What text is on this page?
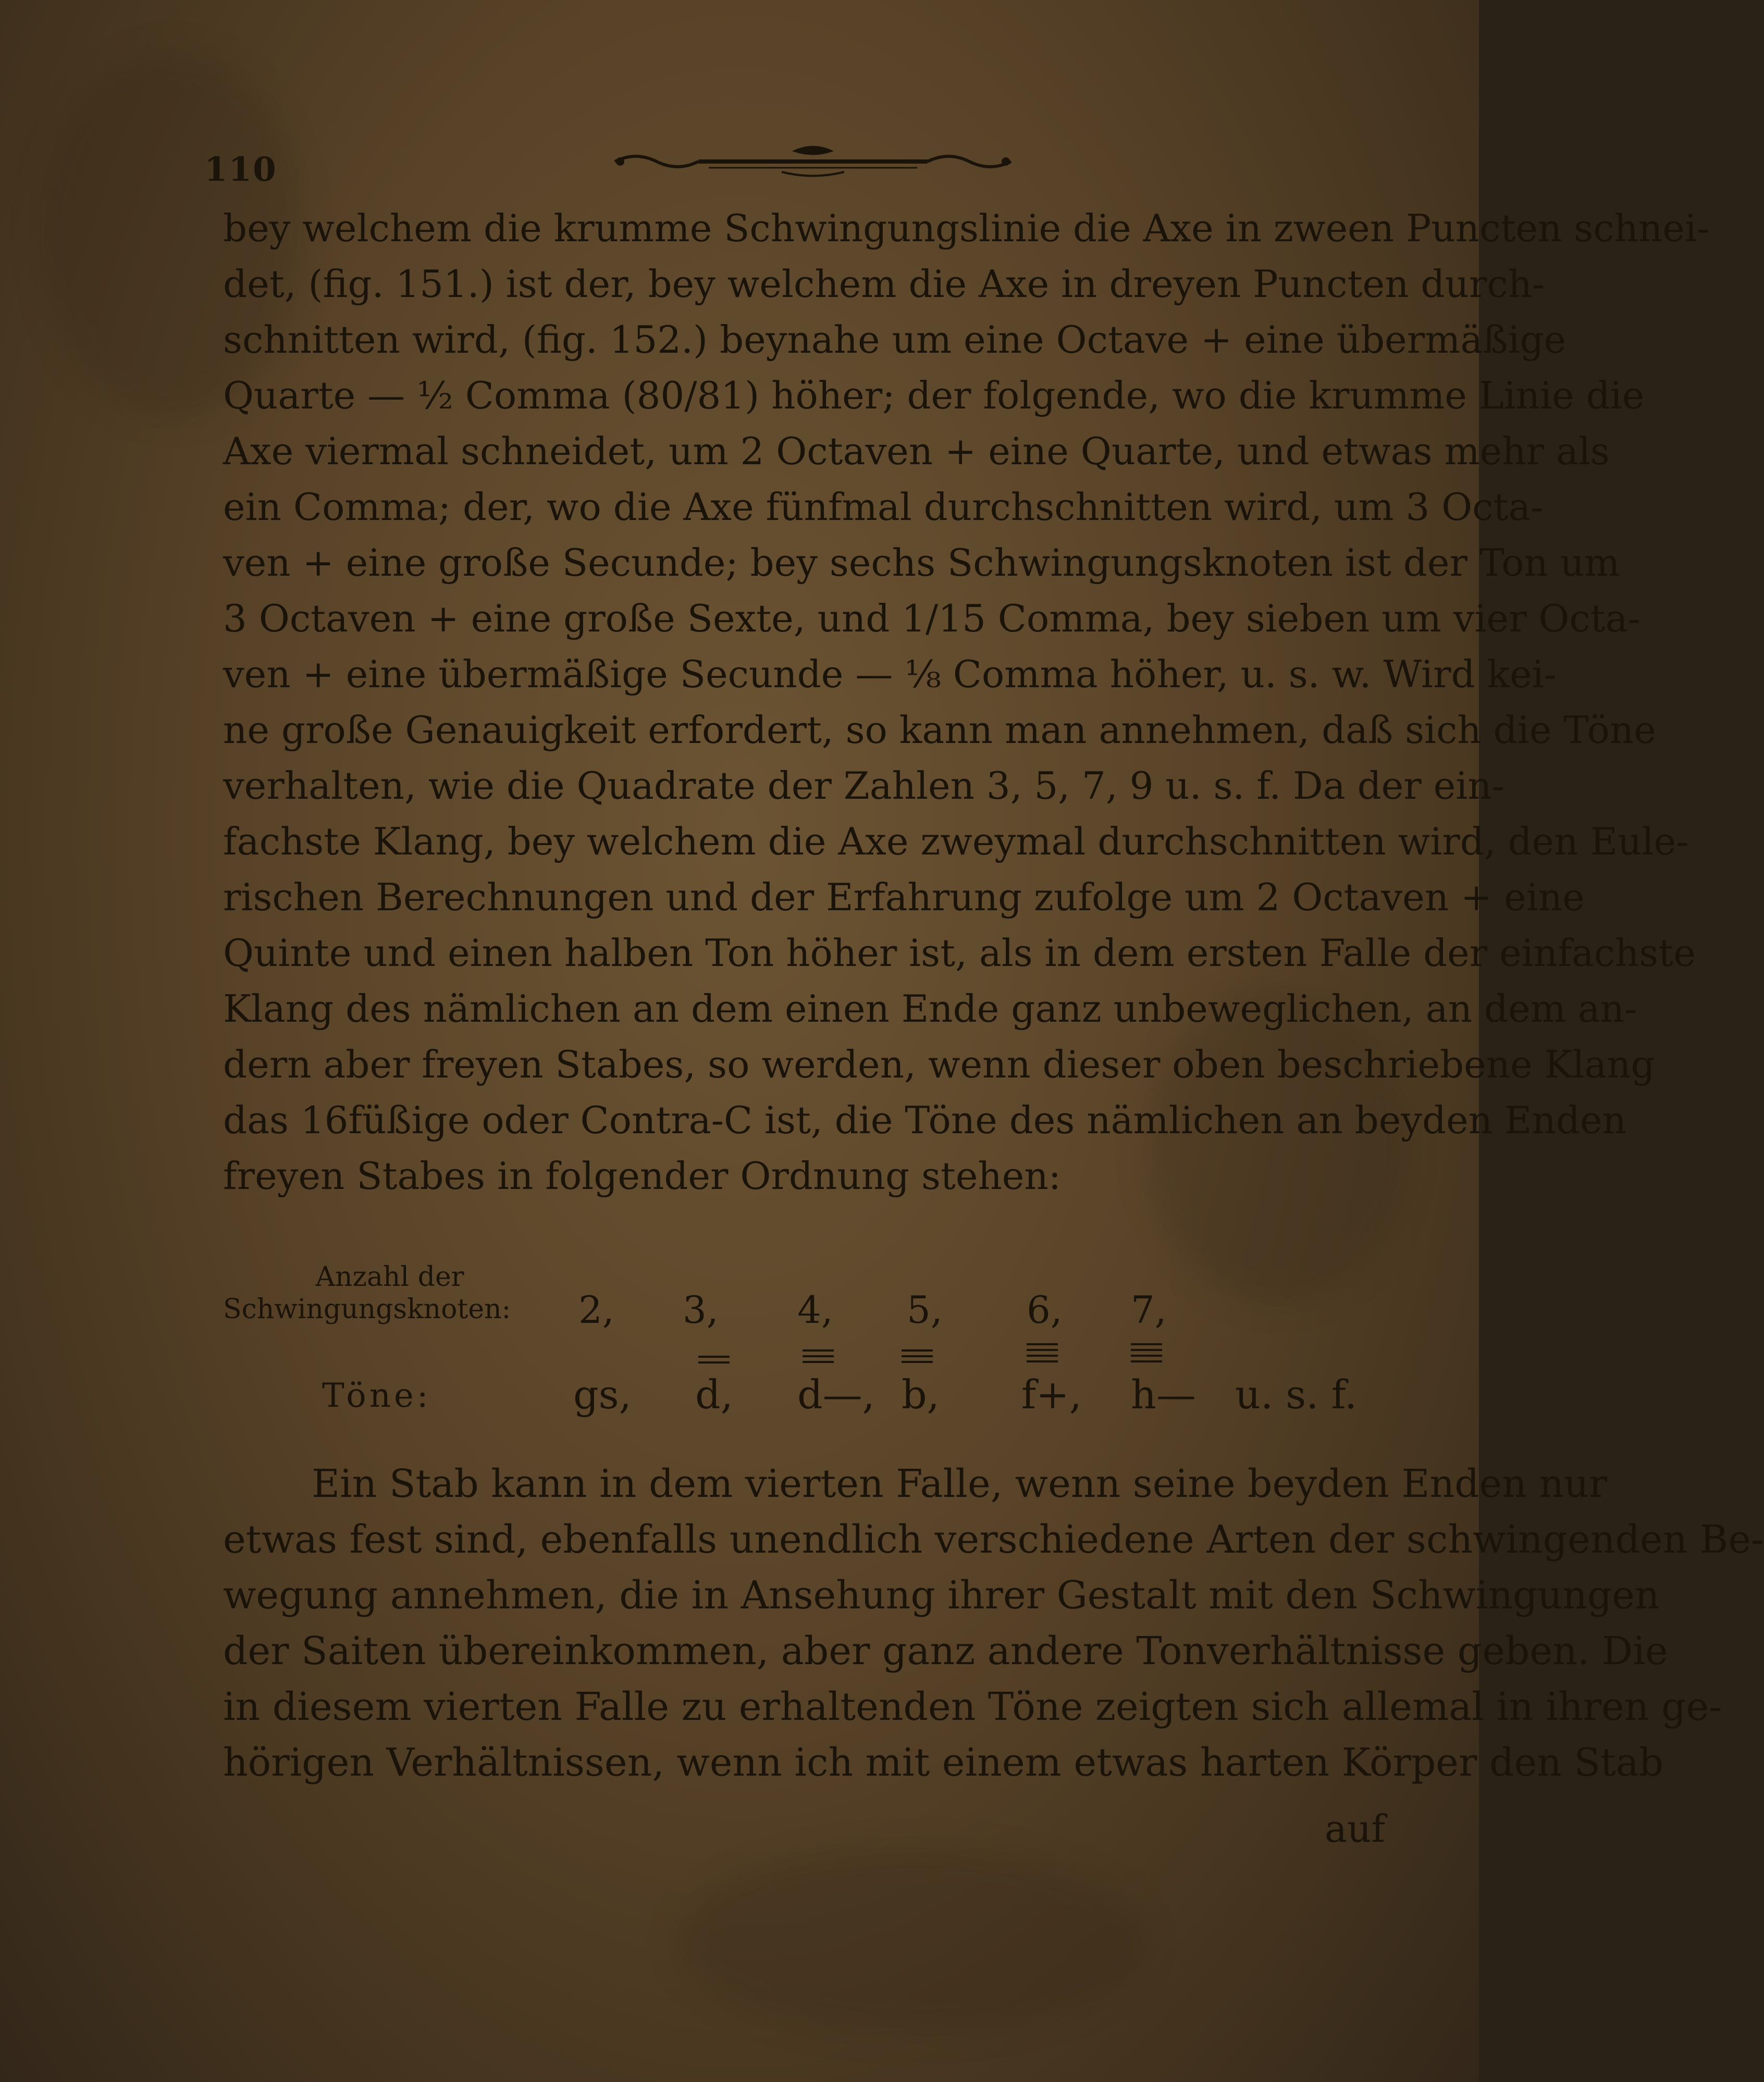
110
bey welchem die krumme Schwingungslinie die Axe in zween Puncten schnei-
det, (fig. 151.) ist der, bey welchem die Axe in dreyen Puncten durch-
schnitten wird, (fig. 152.) beynahe um eine Octave + eine übermäßige
Quarte — ½ Comma (80/81) höher; der folgende, wo die krumme Linie die
Axe viermal schneidet, um 2 Octaven + eine Quarte, und etwas mehr als
ein Comma; der, wo die Axe fünfmal durchschnitten wird, um 3 Octa-
ven + eine große Secunde; bey sechs Schwingungsknoten ist der Ton um
3 Octaven + eine große Sexte, und 1/15 Comma, bey sieben um vier Octa-
ven + eine übermäßige Secunde — ⅛ Comma höher, u. s. w. Wird kei-
ne große Genauigkeit erfordert, so kann man annehmen, daß sich die Töne
verhalten, wie die Quadrate der Zahlen 3, 5, 7, 9 u. s. f. Da der ein-
fachste Klang, bey welchem die Axe zweymal durchschnitten wird, den Eule-
rischen Berechnungen und der Erfahrung zufolge um 2 Octaven + eine
Quinte und einen halben Ton höher ist, als in dem ersten Falle der einfachste
Klang des nämlichen an dem einen Ende ganz unbeweglichen, an dem an-
dern aber freyen Stabes, so werden, wenn dieser oben beschriebene Klang
das 16füßige oder Contra-C ist, die Töne des nämlichen an beyden Enden
freyen Stabes in folgender Ordnung stehen:
Anzahl der
Schwingungsknoten:	2, 3, 4, 5, 6, 7,
Töne:	gs, d, d—, b, f+, h— u. s. f.
Ein Stab kann in dem vierten Falle, wenn seine beyden Enden nur
etwas fest sind, ebenfalls unendlich verschiedene Arten der schwingenden Be-
wegung annehmen, die in Ansehung ihrer Gestalt mit den Schwingungen
der Saiten übereinkommen, aber ganz andere Tonverhältnisse geben. Die
in diesem vierten Falle zu erhaltenden Töne zeigten sich allemal in ihren ge-
hörigen Verhältnissen, wenn ich mit einem etwas harten Körper den Stab
auf
